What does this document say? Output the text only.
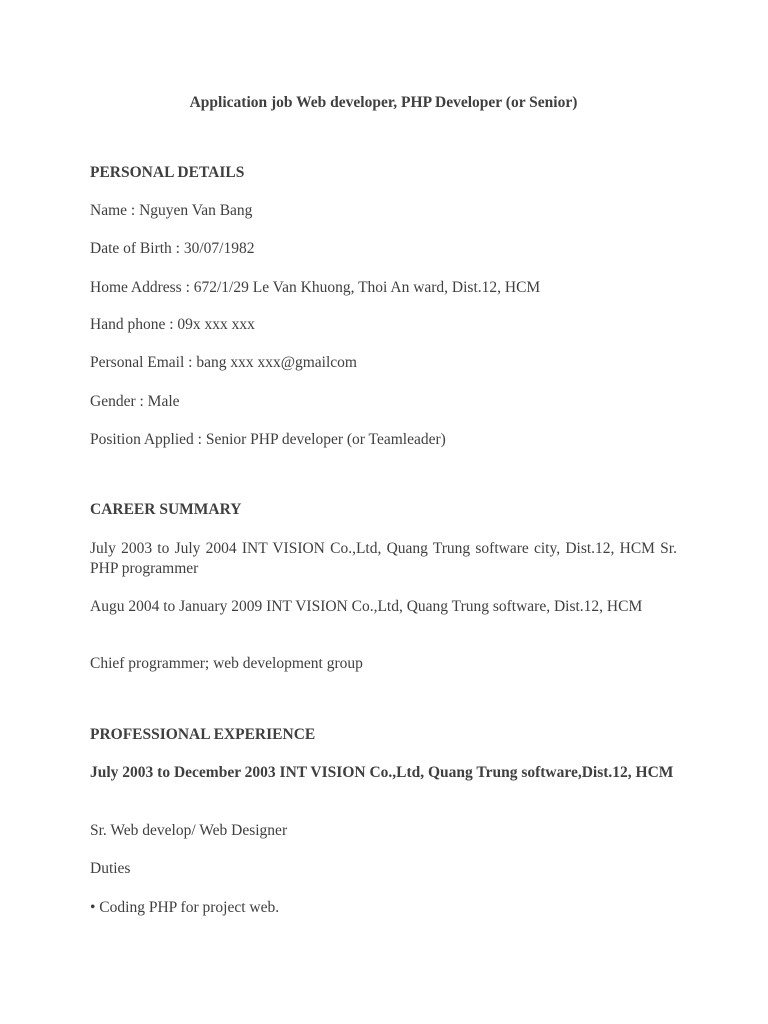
Application job Web developer, PHP Developer (or Senior)

PERSONAL DETAILS

Name : Nguyen Van Bang

Date of Birth : 30/07/1982

Home Address : 672/1/29 Le Van Khuong, Thoi An ward, Dist.12, HCM

Hand phone : 09x xxx xxx

Personal Email : bang xxx xxx@gmailcom

Gender : Male

Position Applied : Senior PHP developer (or Teamleader)

CAREER SUMMARY

July 2003 to July 2004 INT VISION Co.,Ltd, Quang Trung software city, Dist.12, HCM Sr. PHP programmer

Augu 2004 to January 2009 INT VISION Co.,Ltd, Quang Trung software, Dist.12, HCM

Chief programmer; web development group

PROFESSIONAL EXPERIENCE

July 2003 to December 2003 INT VISION Co.,Ltd, Quang Trung software,Dist.12, HCM

Sr. Web develop/ Web Designer

Duties

• Coding PHP for project web.
